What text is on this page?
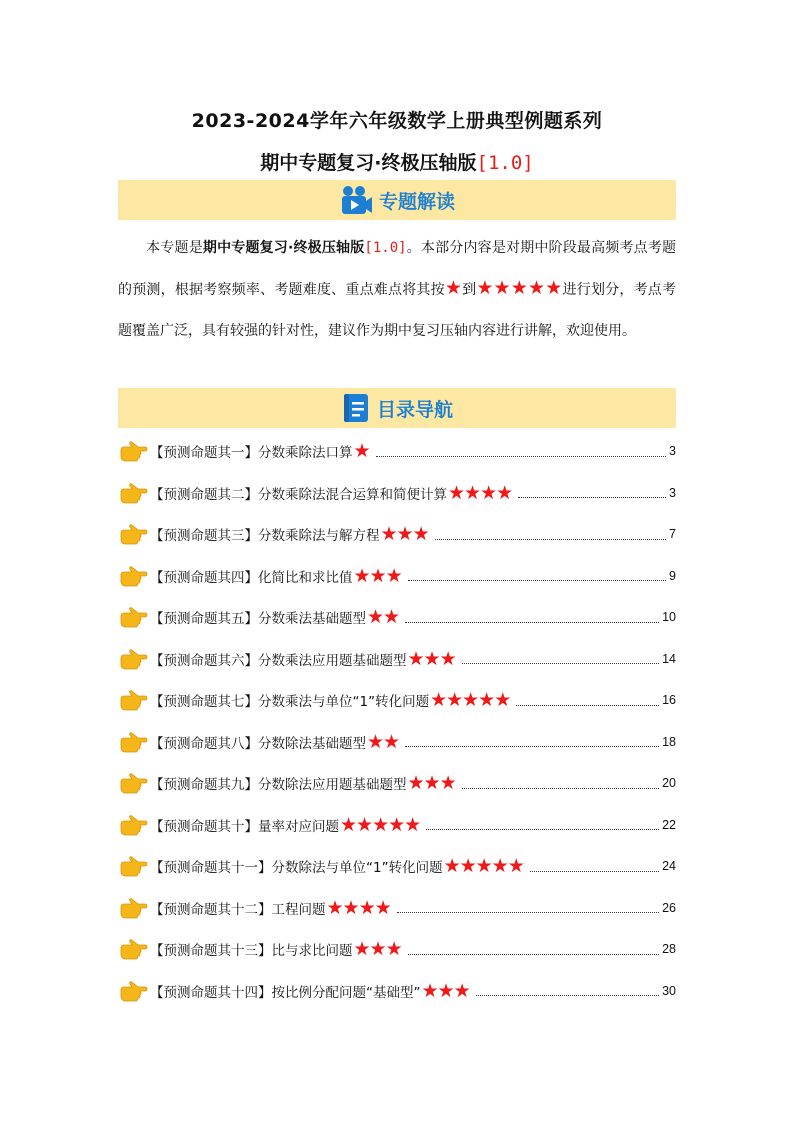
2023-2024学年六年级数学上册典型例题系列
期中专题复习·终极压轴版[1.0]
专题解读
本专题是期中专题复习·终极压轴版[1.0]。本部分内容是对期中阶段最高频考点考题的预测，根据考察频率、考题难度、重点难点将其按★到★★★★★进行划分，考点考题覆盖广泛，具有较强的针对性，建议作为期中复习压轴内容进行讲解，欢迎使用。
目录导航
【预测命题其一】分数乘除法口算 ★	3
【预测命题其二】分数乘除法混合运算和简便计算 ★★★★	3
【预测命题其三】分数乘除法与解方程 ★★★	7
【预测命题其四】化简比和求比值 ★★★	9
【预测命题其五】分数乘法基础题型 ★★	10
【预测命题其六】分数乘法应用题基础题型 ★★★	14
【预测命题其七】分数乘法与单位“1”转化问题 ★★★★★	16
【预测命题其八】分数除法基础题型 ★★	18
【预测命题其九】分数除法应用题基础题型 ★★★	20
【预测命题其十】量率对应问题 ★★★★★	22
【预测命题其十一】分数除法与单位“1”转化问题 ★★★★★	24
【预测命题其十二】工程问题 ★★★★	26
【预测命题其十三】比与求比问题 ★★★	28
【预测命题其十四】按比例分配问题“基础型” ★★★	30
